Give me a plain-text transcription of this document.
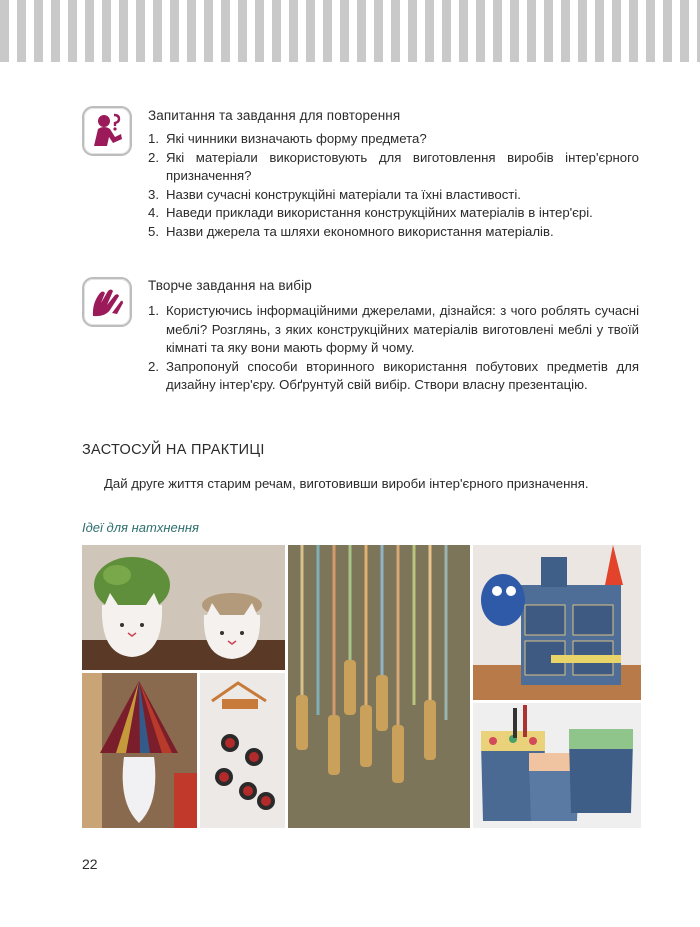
Запитання та завдання для повторення
1. Які чинники визначають форму предмета?
2. Які матеріали використовують для виготовлення виробів інтер'єрного призначення?
3. Назви сучасні конструкційні матеріали та їхні властивості.
4. Наведи приклади використання конструкційних матеріалів в інтер'єрі.
5. Назви джерела та шляхи економного використання матеріалів.
Творче завдання на вибір
1. Користуючись інформаційними джерелами, дізнайся: з чого роблять сучасні меблі? Розглянь, з яких конструкційних матеріалів виготовлені меблі у твоїй кімнаті та яку вони мають форму й чому.
2. Запропонуй способи вторинного використання побутових предметів для дизайну інтер'єру. Обґрунтуй свій вибір. Створи власну презентацію.
ЗАСТОСУЙ НА ПРАКТИЦІ
Дай друге життя старим речам, виготовивши вироби інтер'єрного призначення.
Ідеї для натхнення
22
